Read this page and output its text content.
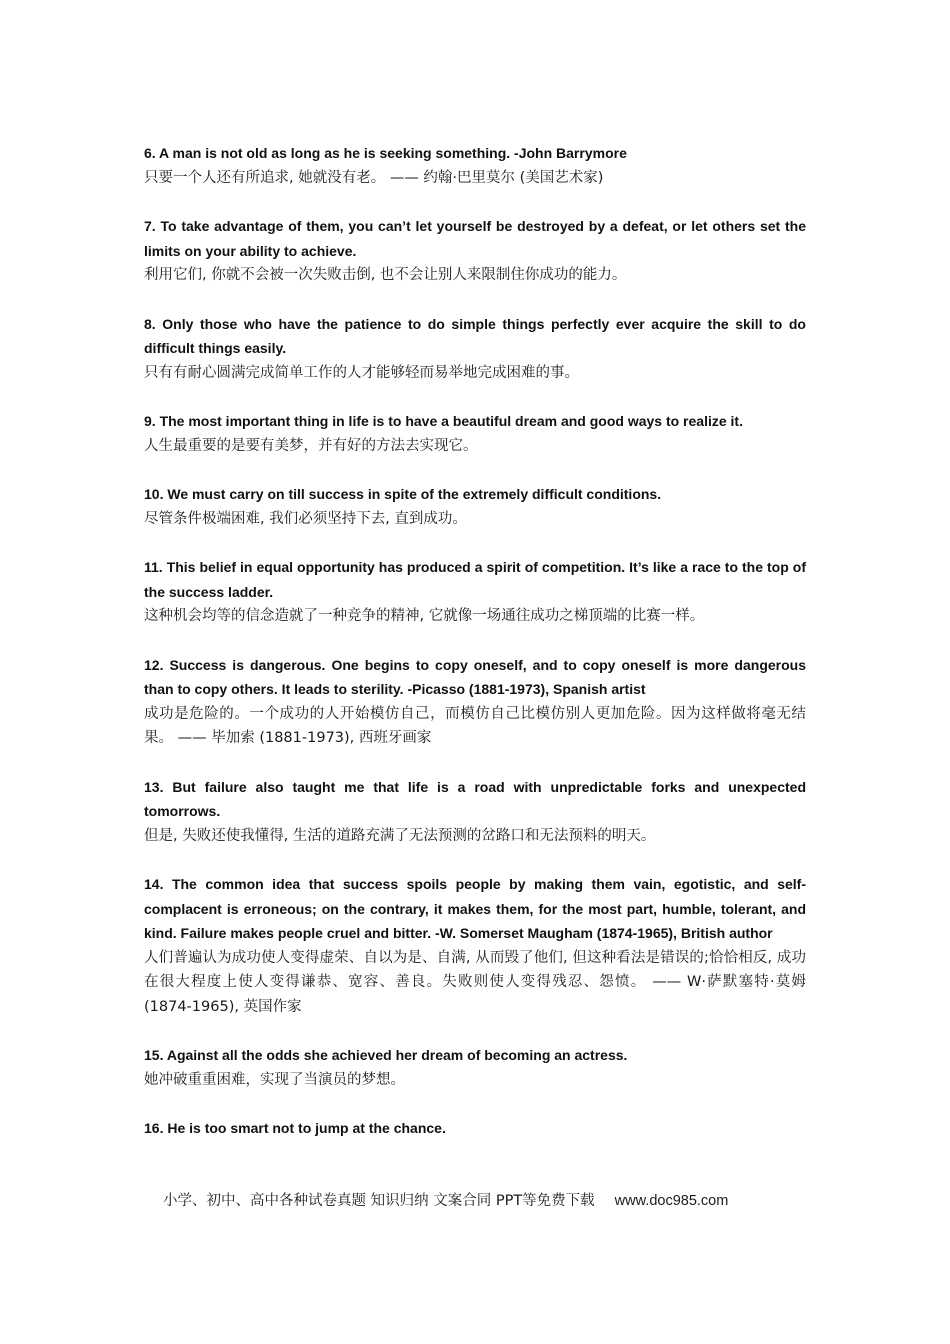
6. A man is not old as long as he is seeking something. -John Barrymore

只要一个人还有所追求, 她就没有老。 —— 约翰·巴里莫尔 (美国艺术家)

7. To take advantage of them, you can’t let yourself be destroyed by a defeat, or let others set the limits on your ability to achieve.

利用它们, 你就不会被一次失败击倒, 也不会让别人来限制住你成功的能力。

8. Only those who have the patience to do simple things perfectly ever acquire the skill to do difficult things easily.

只有有耐心圆满完成简单工作的人才能够轻而易举地完成困难的事。

9. The most important thing in life is to have a beautiful dream and good ways to realize it.

人生最重要的是要有美梦，并有好的方法去实现它。

10. We must carry on till success in spite of the extremely difficult conditions.

尽管条件极端困难, 我们必须坚持下去, 直到成功。

11. This belief in equal opportunity has produced a spirit of competition. It’s like a race to the top of the success ladder.

这种机会均等的信念造就了一种竞争的精神, 它就像一场通往成功之梯顶端的比赛一样。

12. Success is dangerous. One begins to copy oneself, and to copy oneself is more dangerous than to copy others. It leads to sterility. -Picasso (1881-1973), Spanish artist

成功是危险的。一个成功的人开始模仿自己，而模仿自己比模仿别人更加危险。因为这样做将毫无结果。 —— 毕加索 (1881-1973), 西班牙画家

13. But failure also taught me that life is a road with unpredictable forks and unexpected tomorrows.

但是, 失败还使我懂得, 生活的道路充满了无法预测的岔路口和无法预料的明天。

14. The common idea that success spoils people by making them vain, egotistic, and self-complacent is erroneous; on the contrary, it makes them, for the most part, humble, tolerant, and kind. Failure makes people cruel and bitter. -W. Somerset Maugham (1874-1965), British author

人们普遍认为成功使人变得虚荣、自以为是、自满, 从而毁了他们, 但这种看法是错误的;恰恰相反, 成功在很大程度上使人变得谦恭、宽容、善良。失败则使人变得残忍、怨愤。 —— W·萨默塞特·莫姆 (1874-1965), 英国作家

15. Against all the odds she achieved her dream of becoming an actress.

她冲破重重困难，实现了当演员的梦想。

16. He is too smart not to jump at the chance.

小学、初中、高中各种试卷真题 知识归纳 文案合同 PPT等免费下载 www.doc985.com
